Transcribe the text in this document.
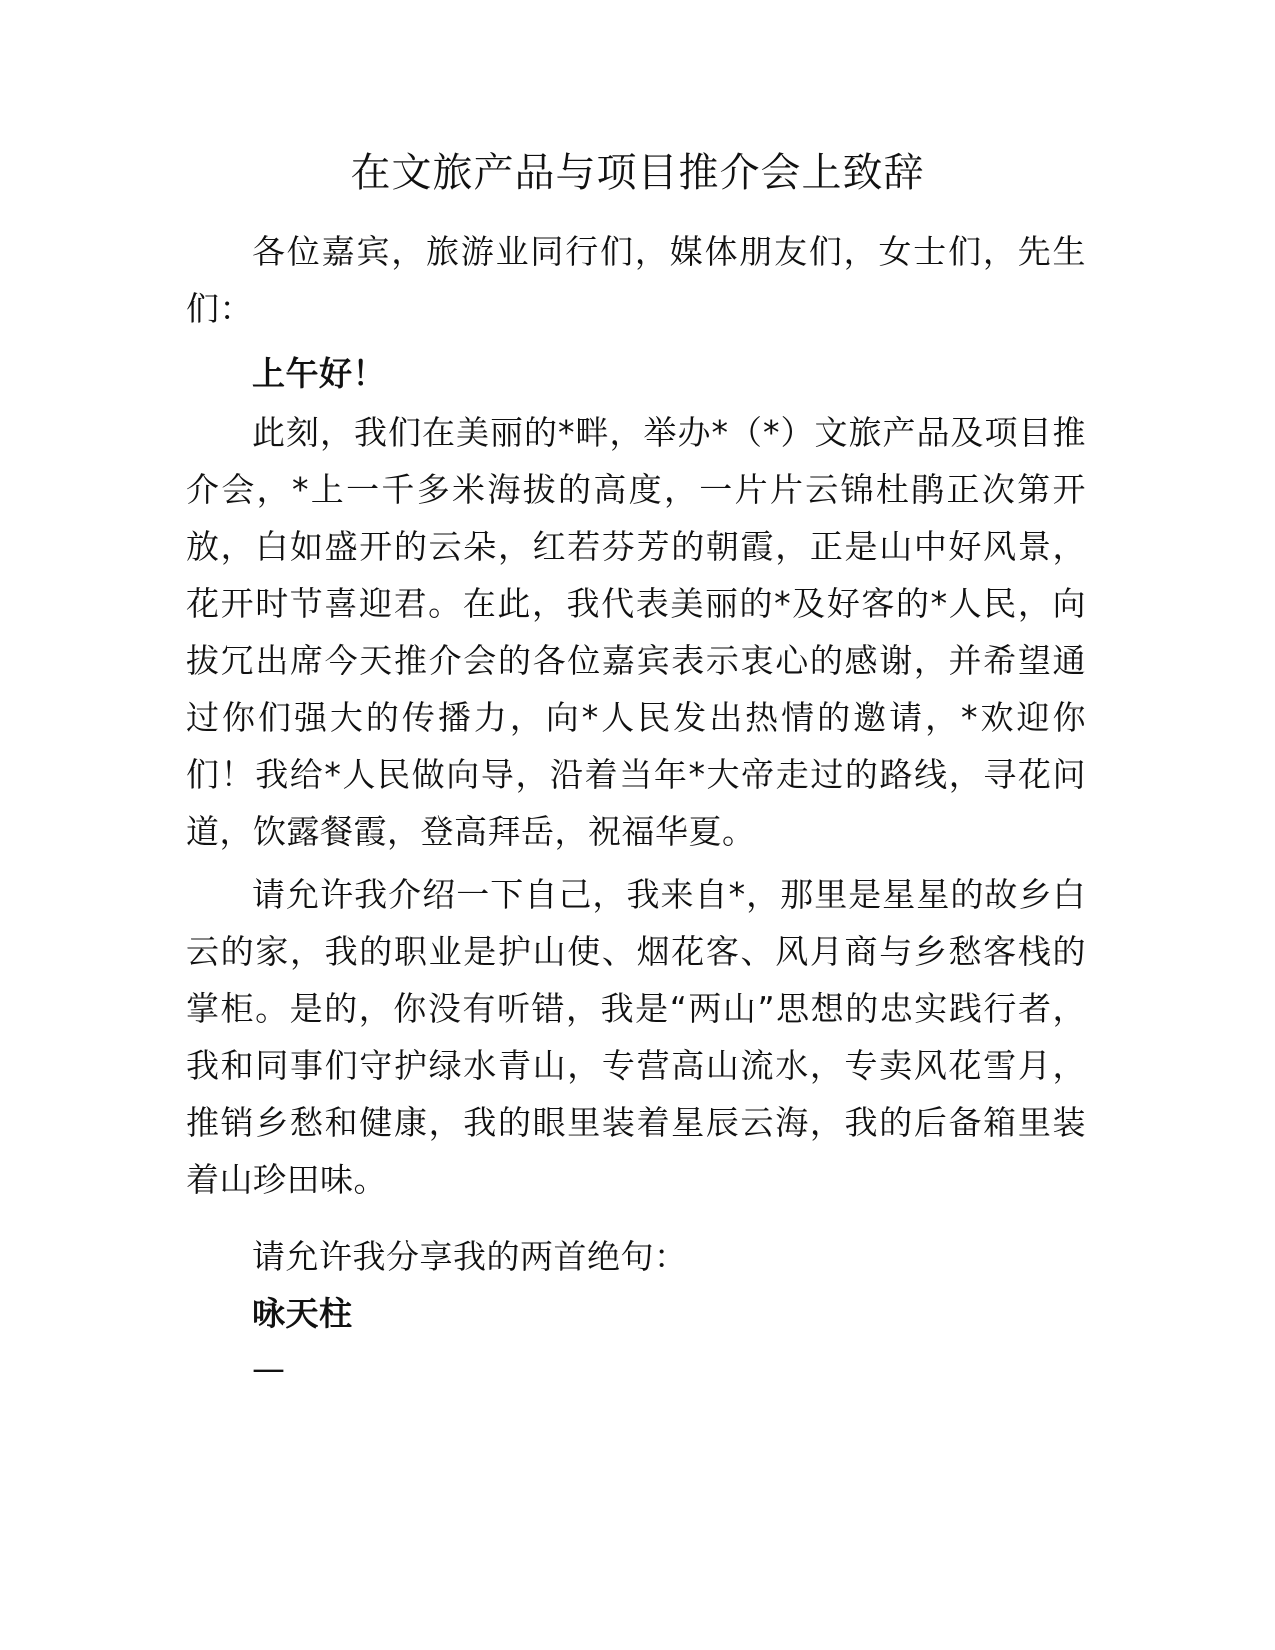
在文旅产品与项目推介会上致辞

各位嘉宾，旅游业同行们，媒体朋友们，女士们，先生们：

上午好！

此刻，我们在美丽的*畔，举办*（*）文旅产品及项目推介会，*上一千多米海拔的高度，一片片云锦杜鹃正次第开放，白如盛开的云朵，红若芬芳的朝霞，正是山中好风景，花开时节喜迎君。在此，我代表美丽的*及好客的*人民，向拔冗出席今天推介会的各位嘉宾表示衷心的感谢，并希望通过你们强大的传播力，向*人民发出热情的邀请，*欢迎你们！我给*人民做向导，沿着当年*大帝走过的路线，寻花问道，饮露餐霞，登高拜岳，祝福华夏。

请允许我介绍一下自己，我来自*，那里是星星的故乡白云的家，我的职业是护山使、烟花客、风月商与乡愁客栈的掌柜。是的，你没有听错，我是“两山”思想的忠实践行者，我和同事们守护绿水青山，专营高山流水，专卖风花雪月，推销乡愁和健康，我的眼里装着星辰云海，我的后备箱里装着山珍田味。

请允许我分享我的两首绝句：

咏天柱

—
